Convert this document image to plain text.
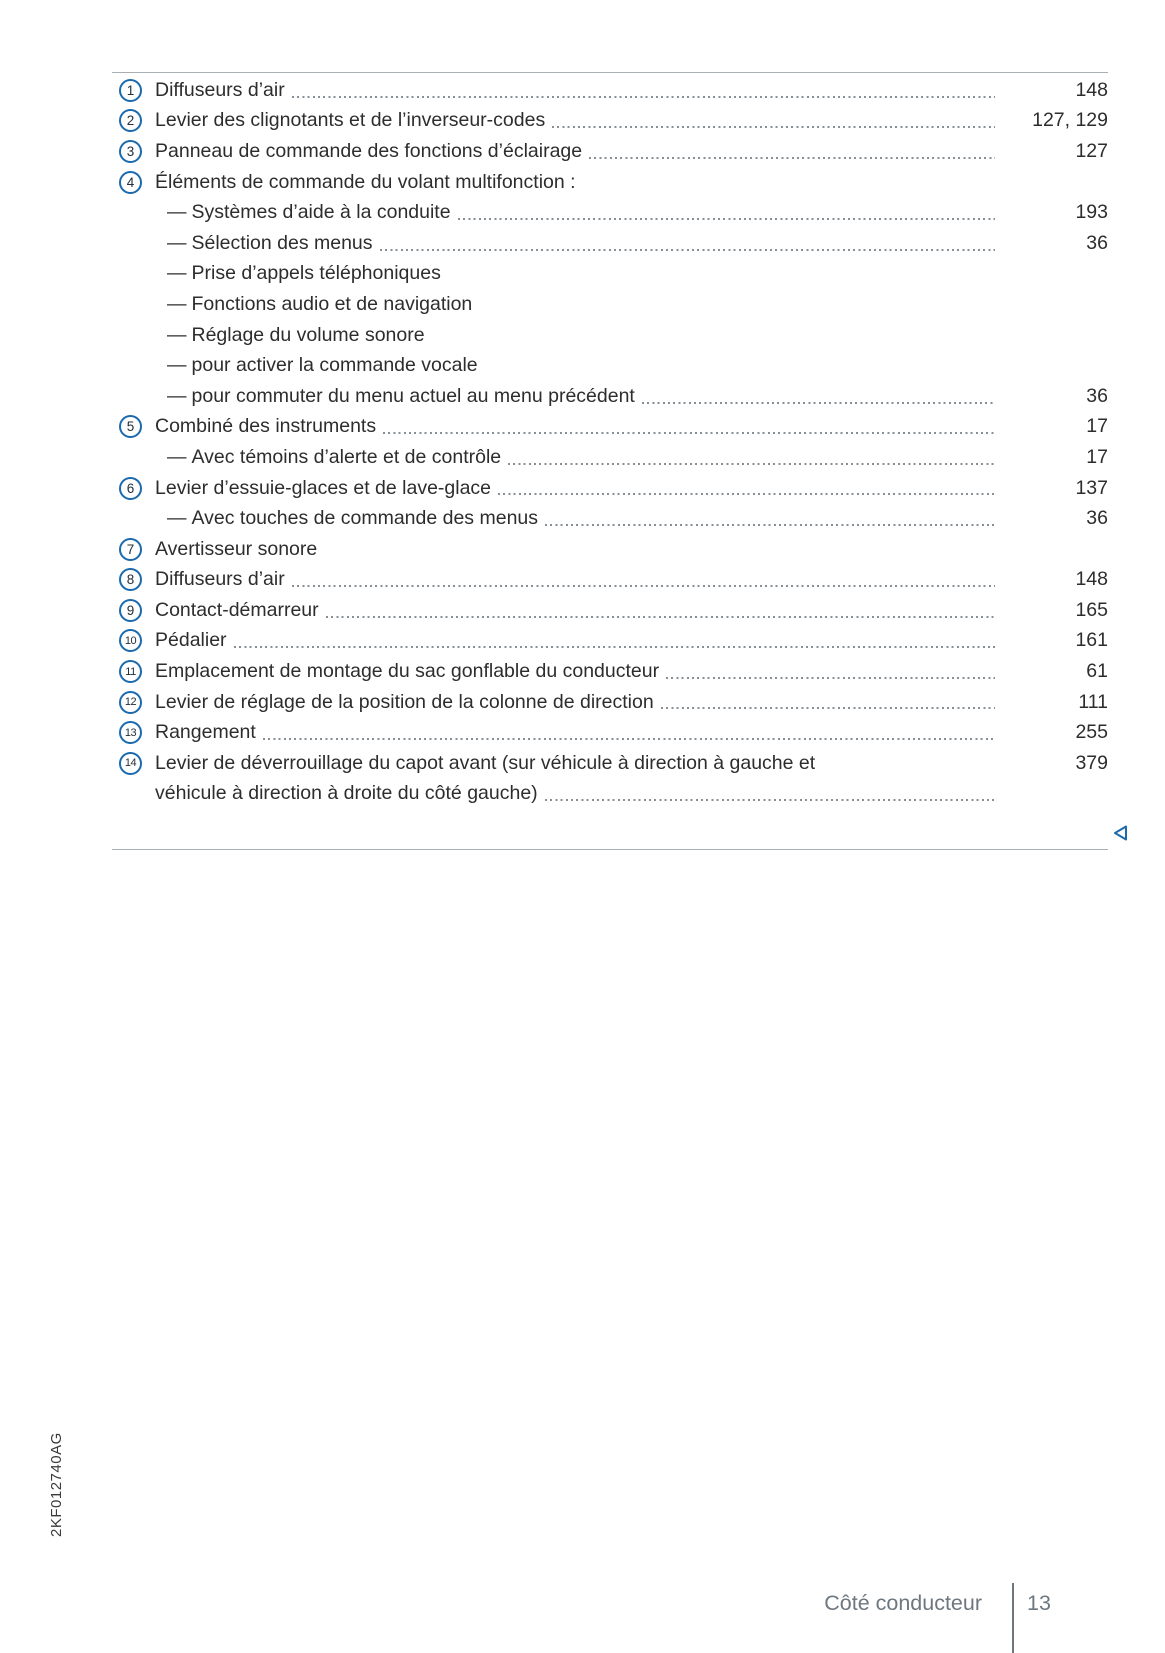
1	Diffuseurs d’air	148
2	Levier des clignotants et de l’inverseur-codes	127, 129
3	Panneau de commande des fonctions d’éclairage	127
4	Éléments de commande du volant multifonction :
— Systèmes d’aide à la conduite	193
— Sélection des menus	36
— Prise d’appels téléphoniques
— Fonctions audio et de navigation
— Réglage du volume sonore
— pour activer la commande vocale
— pour commuter du menu actuel au menu précédent	36
5	Combiné des instruments	17
— Avec témoins d’alerte et de contrôle	17
6	Levier d’essuie-glaces et de lave-glace	137
— Avec touches de commande des menus	36
7	Avertisseur sonore
8	Diffuseurs d’air	148
9	Contact-démarreur	165
10 Pédalier	161
11 Emplacement de montage du sac gonflable du conducteur	61
12 Levier de réglage de la position de la colonne de direction	111
13 Rangement	255
14 Levier de déverrouillage du capot avant (sur véhicule à direction à gauche et	379
véhicule à direction à droite du côté gauche)
2KF012740AG
Côté conducteur 13
